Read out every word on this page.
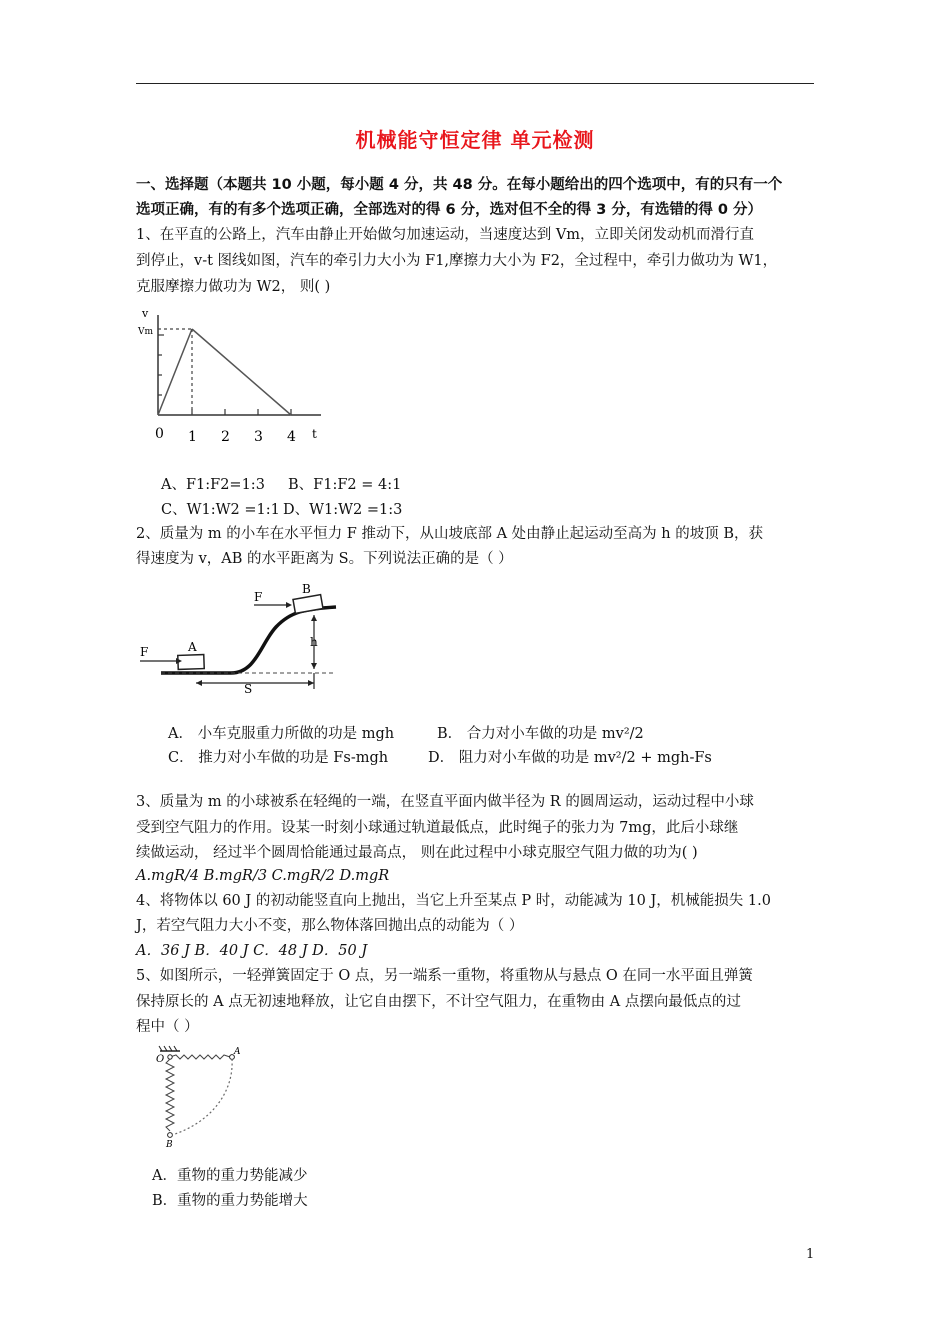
机械能守恒定律 单元检测
一、选择题（本题共 10 小题，每小题 4 分，共 48 分。在每小题给出的四个选项中，有的只有一个
选项正确，有的有多个选项正确，全部选对的得 6 分，选对但不全的得 3 分，有选错的得 0 分）
1、在平直的公路上，汽车由静止开始做匀加速运动，当速度达到 Vm，立即关闭发动机而滑行直
到停止，v-t 图线如图，汽车的牵引力大小为 F1,摩擦力大小为 F2，全过程中，牵引力做功为 W1，
克服摩擦力做功为 W2， 则( )
v
Vm
t
0 1 2 3 4
A、F1:F2=1:3 B、F1:F2 = 4:1
C、W1:W2 =1:1 D、W1:W2 =1:3
2、质量为 m 的小车在水平恒力 F 推动下，从山坡底部 A 处由静止起运动至高为 h 的坡顶 B，获
得速度为 v，AB 的水平距离为 S。下列说法正确的是（ ）
F
F
A
B
h
S
A． 小车克服重力所做的功是 mgh	B． 合力对小车做的功是 mv²/2
C． 推力对小车做的功是 Fs-mgh	D． 阻力对小车做的功是 mv²/2 + mgh-Fs
3、质量为 m 的小球被系在轻绳的一端，在竖直平面内做半径为 R 的圆周运动，运动过程中小球
受到空气阻力的作用。设某一时刻小球通过轨道最低点，此时绳子的张力为 7mg，此后小球继
续做运动， 经过半个圆周恰能通过最高点， 则在此过程中小球克服空气阻力做的功为( )
A.mgR/4 B.mgR/3 C.mgR/2 D.mgR
4、将物体以 60 J 的初动能竖直向上抛出，当它上升至某点 P 时，动能减为 10 J，机械能损失 1.0
J，若空气阻力大小不变，那么物体落回抛出点的动能为（ ）
A．36 J B．40 J C．48 J D．50 J
5、如图所示，一轻弹簧固定于 O 点，另一端系一重物，将重物从与悬点 O 在同一水平面且弹簧
保持原长的 A 点无初速地释放，让它自由摆下，不计空气阻力，在重物由 A 点摆向最低点的过
程中（ ）
O
A
B
A．重物的重力势能减少
B．重物的重力势能增大
1
